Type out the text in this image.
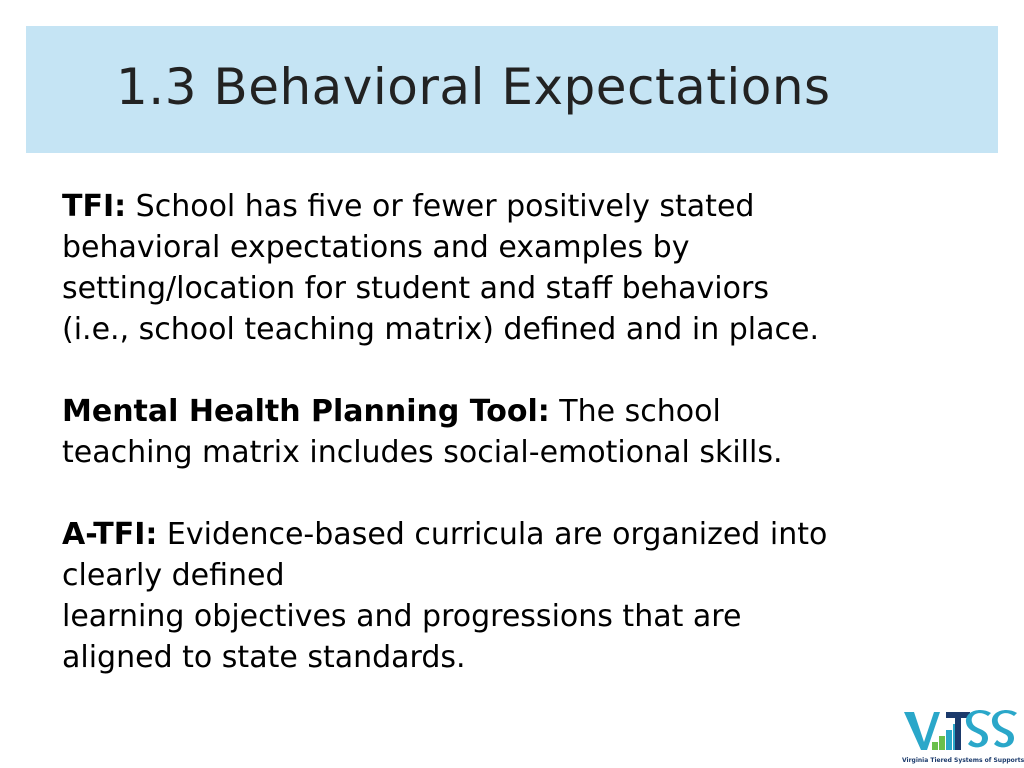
1.3 Behavioral Expectations

TFI: School has five or fewer positively stated
behavioral expectations and examples by
setting/location for student and staff behaviors
(i.e., school teaching matrix) defined and in place.

Mental Health Planning Tool: The school
teaching matrix includes social-emotional skills.

A-TFI: Evidence-based curricula are organized into
clearly defined
learning objectives and progressions that are
aligned to state standards.

Virginia Tiered Systems of Supports
